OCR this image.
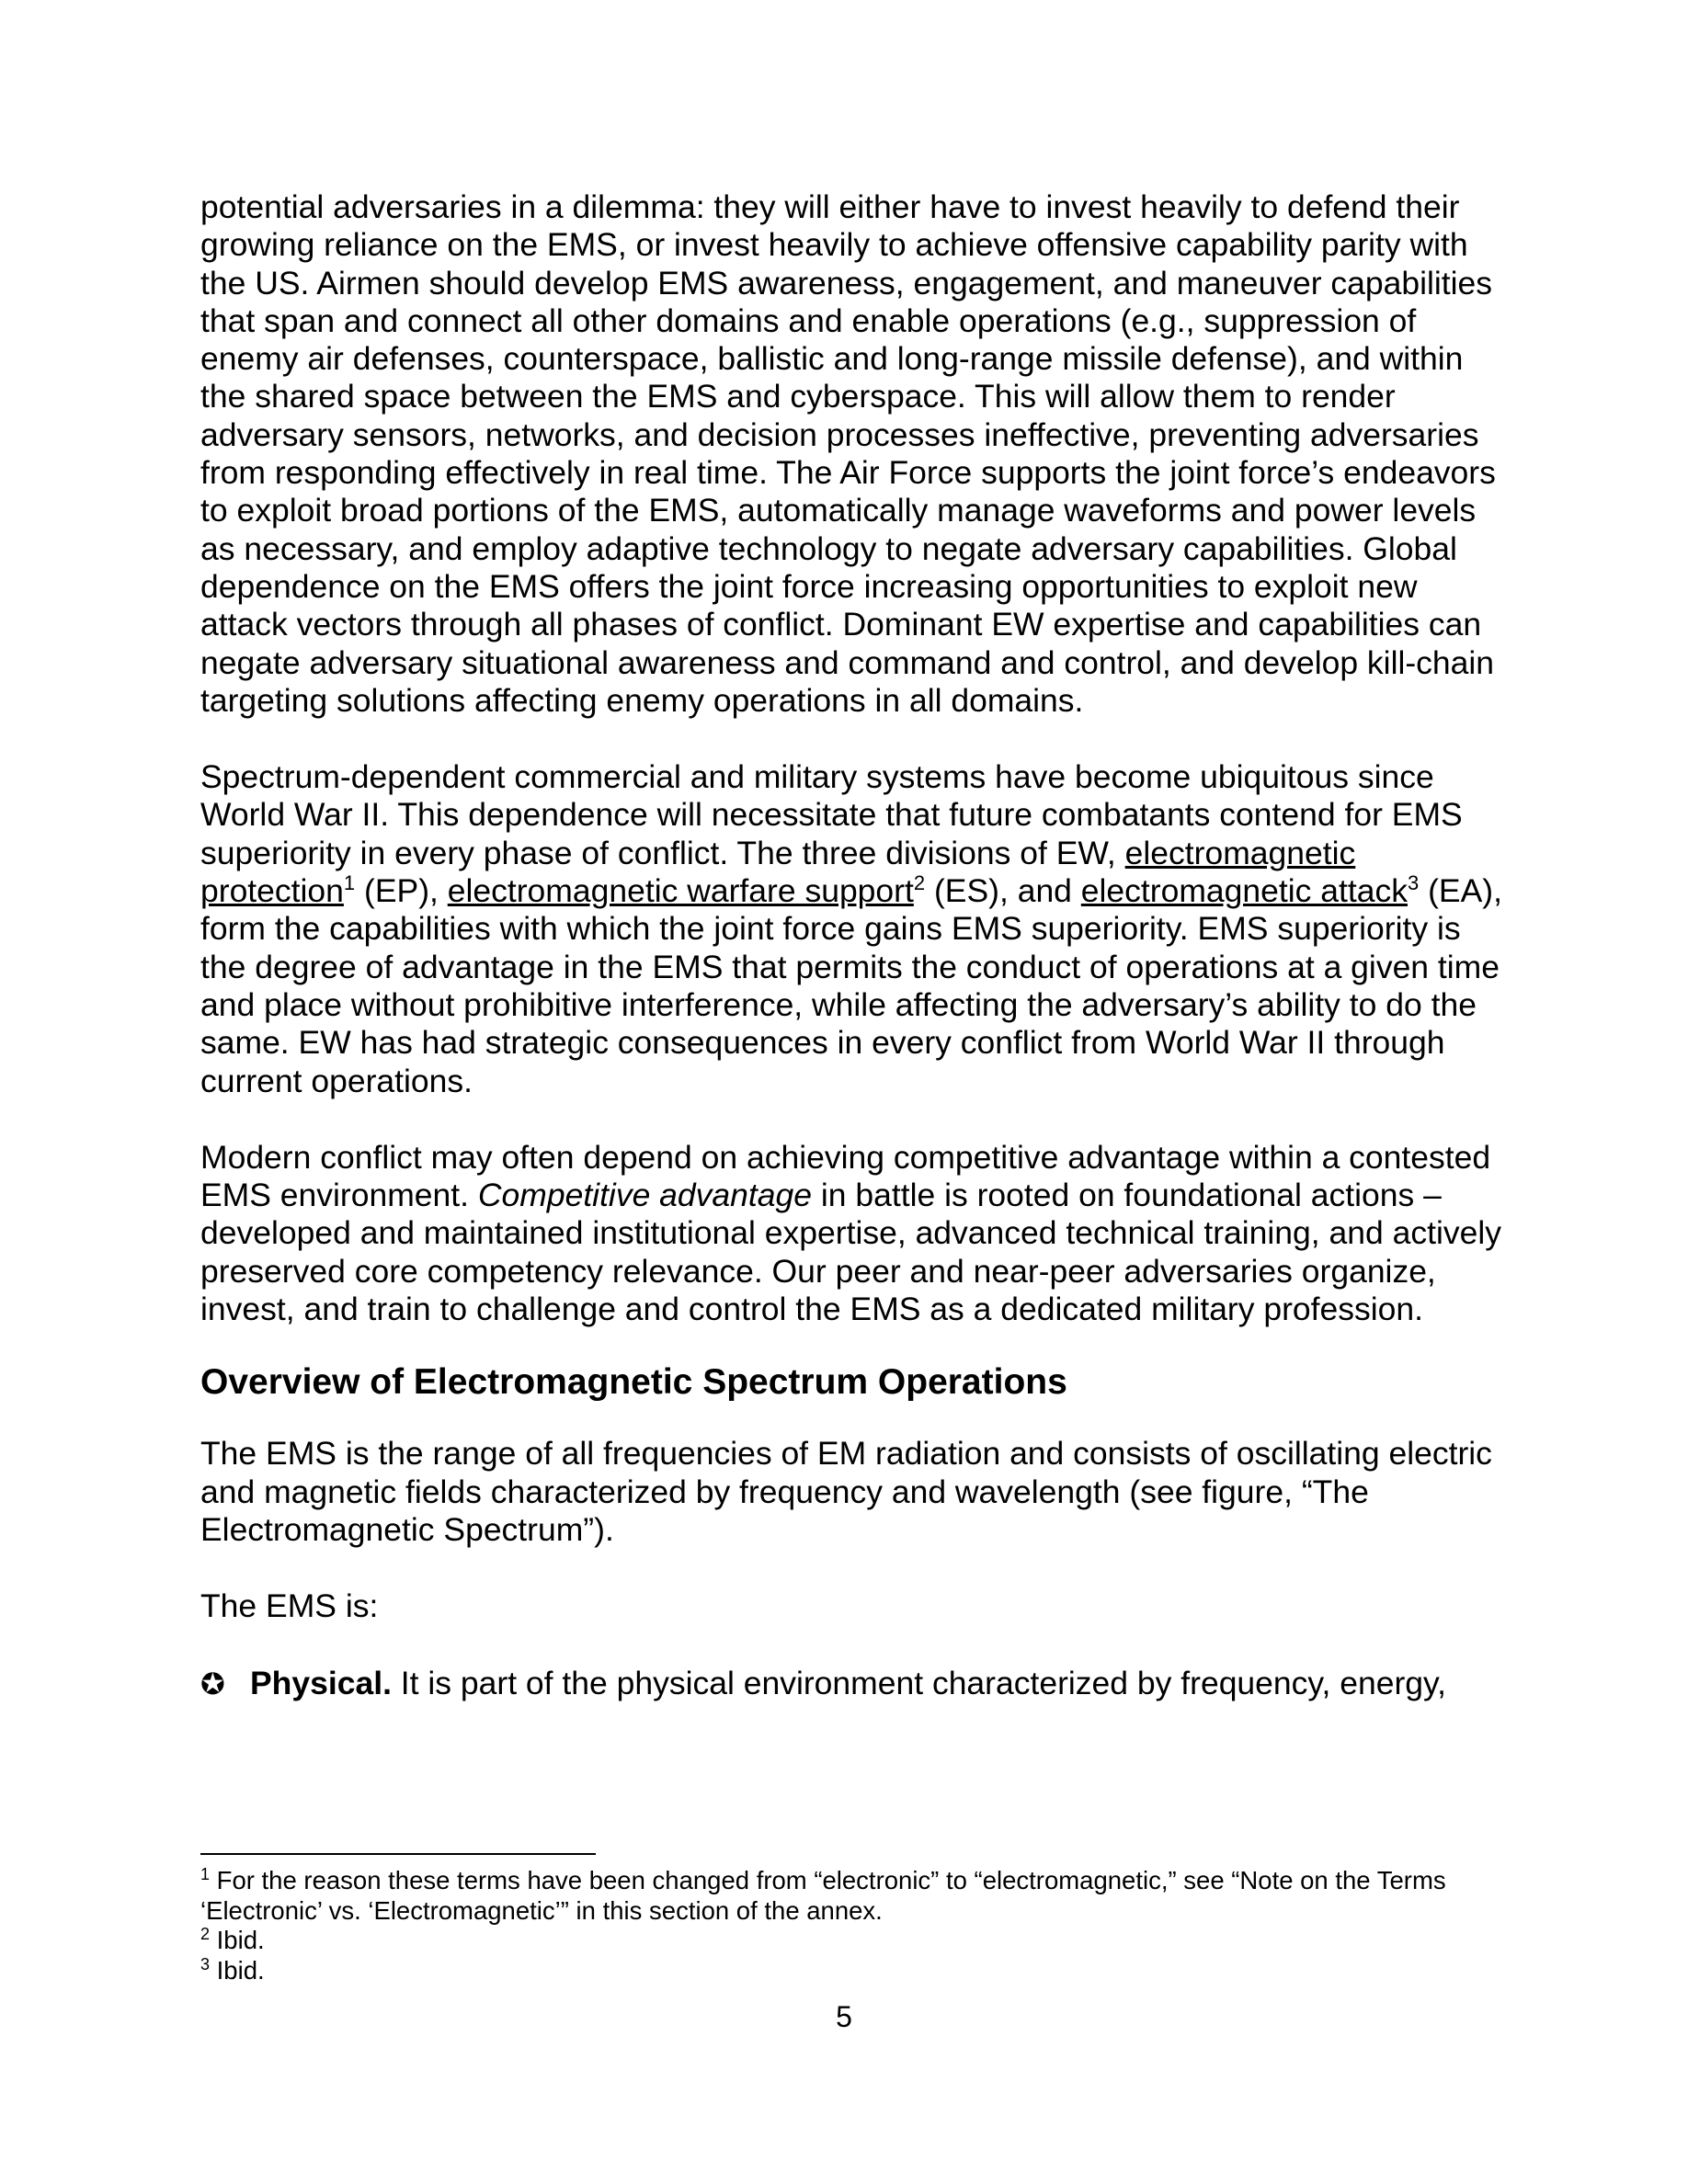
potential adversaries in a dilemma: they will either have to invest heavily to defend their growing reliance on the EMS, or invest heavily to achieve offensive capability parity with the US. Airmen should develop EMS awareness, engagement, and maneuver capabilities that span and connect all other domains and enable operations (e.g., suppression of enemy air defenses, counterspace, ballistic and long-range missile defense), and within the shared space between the EMS and cyberspace. This will allow them to render adversary sensors, networks, and decision processes ineffective, preventing adversaries from responding effectively in real time. The Air Force supports the joint force’s endeavors to exploit broad portions of the EMS, automatically manage waveforms and power levels as necessary, and employ adaptive technology to negate adversary capabilities. Global dependence on the EMS offers the joint force increasing opportunities to exploit new attack vectors through all phases of conflict. Dominant EW expertise and capabilities can negate adversary situational awareness and command and control, and develop kill-chain targeting solutions affecting enemy operations in all domains.

Spectrum-dependent commercial and military systems have become ubiquitous since World War II. This dependence will necessitate that future combatants contend for EMS superiority in every phase of conflict. The three divisions of EW, electromagnetic protection$^1$ (EP), electromagnetic warfare support$^2$ (ES), and electromagnetic attack$^3$ (EA), form the capabilities with which the joint force gains EMS superiority. EMS superiority is the degree of advantage in the EMS that permits the conduct of operations at a given time and place without prohibitive interference, while affecting the adversary’s ability to do the same. EW has had strategic consequences in every conflict from World War II through current operations.

Modern conflict may often depend on achieving competitive advantage within a contested EMS environment. Competitive advantage in battle is rooted on foundational actions – developed and maintained institutional expertise, advanced technical training, and actively preserved core competency relevance. Our peer and near-peer adversaries organize, invest, and train to challenge and control the EMS as a dedicated military profession.

Overview of Electromagnetic Spectrum Operations

The EMS is the range of all frequencies of EM radiation and consists of oscillating electric and magnetic fields characterized by frequency and wavelength (see figure, “The Electromagnetic Spectrum”).

The EMS is:

✪ Physical. It is part of the physical environment characterized by frequency, energy,

$^1$ For the reason these terms have been changed from “electronic” to “electromagnetic,” see “Note on the Terms ‘Electronic’ vs. ‘Electromagnetic’” in this section of the annex.

$^2$ Ibid.

$^3$ Ibid.

5
